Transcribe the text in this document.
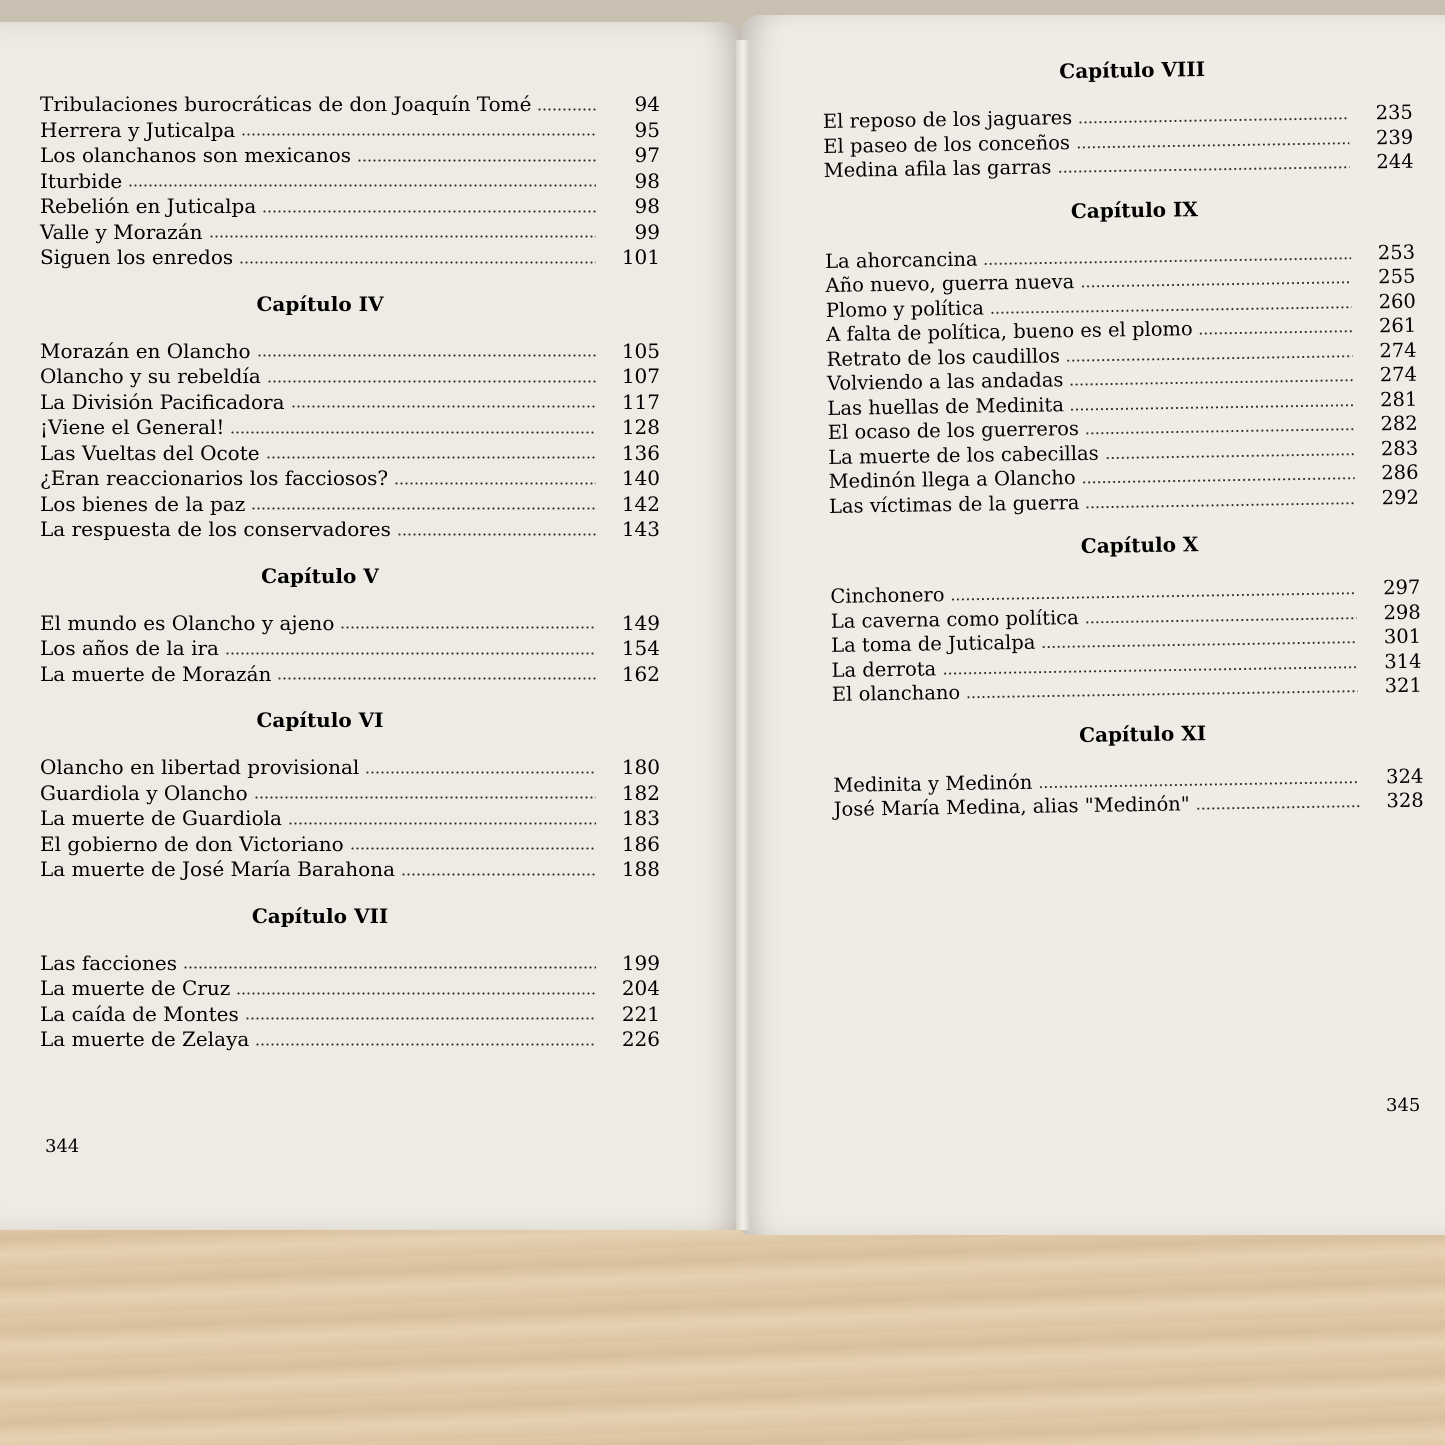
Tribulaciones burocráticas de don Joaquín Tomé	94
Herrera y Juticalpa	95
Los olanchanos son mexicanos	97
Iturbide	98
Rebelión en Juticalpa	98
Valle y Morazán	99
Siguen los enredos	101
Capítulo IV
Morazán en Olancho	105
Olancho y su rebeldía	107
La División Pacificadora	117
¡Viene el General!	128
Las Vueltas del Ocote	136
¿Eran reaccionarios los facciosos?	140
Los bienes de la paz	142
La respuesta de los conservadores	143
Capítulo V
El mundo es Olancho y ajeno	149
Los años de la ira	154
La muerte de Morazán	162
Capítulo VI
Olancho en libertad provisional	180
Guardiola y Olancho	182
La muerte de Guardiola	183
El gobierno de don Victoriano	186
La muerte de José María Barahona	188
Capítulo VII
Las facciones	199
La muerte de Cruz	204
La caída de Montes	221
La muerte de Zelaya	226
Capítulo VIII
El reposo de los jaguares	235
El paseo de los conceños	239
Medina afila las garras	244
Capítulo IX
La ahorcancina	253
Año nuevo, guerra nueva	255
Plomo y política	260
A falta de política, bueno es el plomo	261
Retrato de los caudillos	274
Volviendo a las andadas	274
Las huellas de Medinita	281
El ocaso de los guerreros	282
La muerte de los cabecillas	283
Medinón llega a Olancho	286
Las víctimas de la guerra	292
Capítulo X
Cinchonero	297
La caverna como política	298
La toma de Juticalpa	301
La derrota	314
El olanchano	321
Capítulo XI
Medinita y Medinón	324
José María Medina, alias "Medinón"	328
344
345
